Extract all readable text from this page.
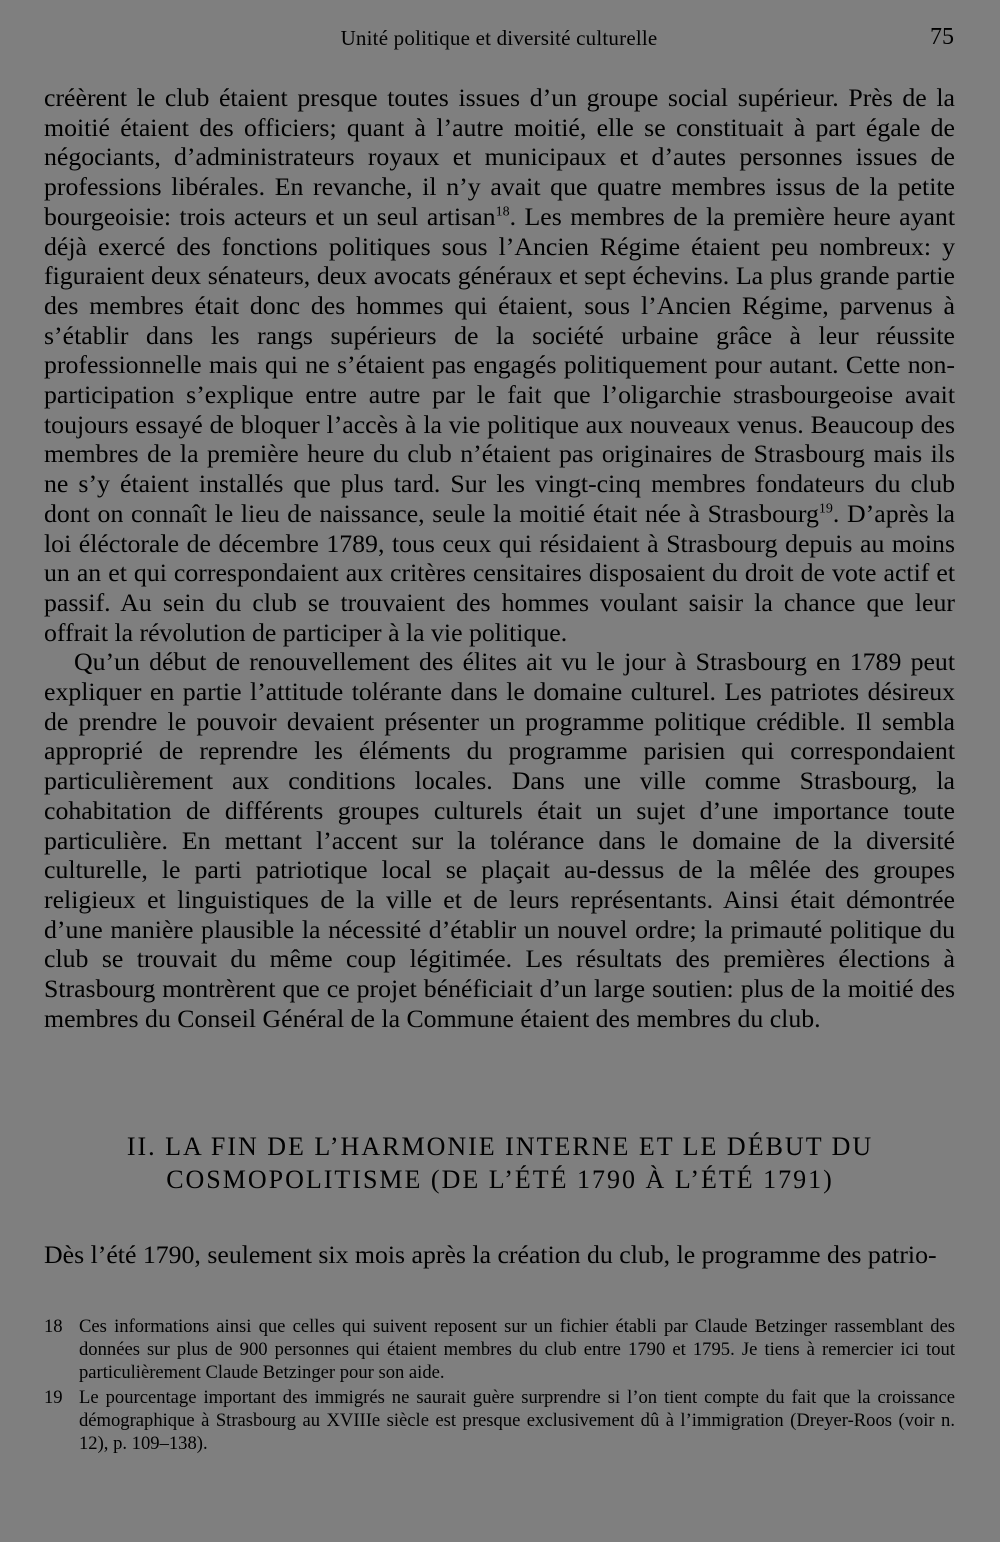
Unité politique et diversité culturelle	75

créèrent le club étaient presque toutes issues d’un groupe social supérieur. Près de la moitié étaient des officiers; quant à l’autre moitié, elle se constituait à part égale de négociants, d’administrateurs royaux et municipaux et d’autes personnes issues de professions libérales. En revanche, il n’y avait que quatre membres issus de la petite bourgeoisie: trois acteurs et un seul artisan$^{18}$. Les membres de la première heure ayant déjà exercé des fonctions politiques sous l’Ancien Régime étaient peu nombreux: y figuraient deux sénateurs, deux avocats généraux et sept échevins. La plus grande partie des membres était donc des hommes qui étaient, sous l’Ancien Régime, parvenus à s’établir dans les rangs supérieurs de la société urbaine grâce à leur réussite professionnelle mais qui ne s’étaient pas engagés politiquement pour autant. Cette non-participation s’explique entre autre par le fait que l’oligarchie strasbourgeoise avait toujours essayé de bloquer l’accès à la vie politique aux nouveaux venus. Beaucoup des membres de la première heure du club n’étaient pas originaires de Strasbourg mais ils ne s’y étaient installés que plus tard. Sur les vingt-cinq membres fondateurs du club dont on connaît le lieu de naissance, seule la moitié était née à Strasbourg$^{19}$. D’après la loi éléctorale de décembre 1789, tous ceux qui résidaient à Strasbourg depuis au moins un an et qui correspondaient aux critères censitaires disposaient du droit de vote actif et passif. Au sein du club se trouvaient des hommes voulant saisir la chance que leur offrait la révolution de participer à la vie politique.

Qu’un début de renouvellement des élites ait vu le jour à Strasbourg en 1789 peut expliquer en partie l’attitude tolérante dans le domaine culturel. Les patriotes désireux de prendre le pouvoir devaient présenter un programme politique crédible. Il sembla approprié de reprendre les éléments du programme parisien qui correspondaient particulièrement aux conditions locales. Dans une ville comme Strasbourg, la cohabitation de différents groupes culturels était un sujet d’une importance toute particulière. En mettant l’accent sur la tolérance dans le domaine de la diversité culturelle, le parti patriotique local se plaçait au-dessus de la mêlée des groupes religieux et linguistiques de la ville et de leurs représentants. Ainsi était démontrée d’une manière plausible la nécessité d’établir un nouvel ordre; la primauté politique du club se trouvait du même coup légitimée. Les résultats des premières élections à Strasbourg montrèrent que ce projet bénéficiait d’un large soutien: plus de la moitié des membres du Conseil Général de la Commune étaient des membres du club.

II. LA FIN DE L’HARMONIE INTERNE ET LE DÉBUT DU
COSMOPOLITISME (DE L’ÉTÉ 1790 À L’ÉTÉ 1791)

Dès l’été 1790, seulement six mois après la création du club, le programme des patrio-

18 Ces informations ainsi que celles qui suivent reposent sur un fichier établi par Claude Betzinger rassemblant des données sur plus de 900 personnes qui étaient membres du club entre 1790 et 1795. Je tiens à remercier ici tout particulièrement Claude Betzinger pour son aide.
19 Le pourcentage important des immigrés ne saurait guère surprendre si l’on tient compte du fait que la croissance démographique à Strasbourg au XVIIIe siècle est presque exclusivement dû à l’immigration (Dreyer-Roos (voir n. 12), p. 109–138).
